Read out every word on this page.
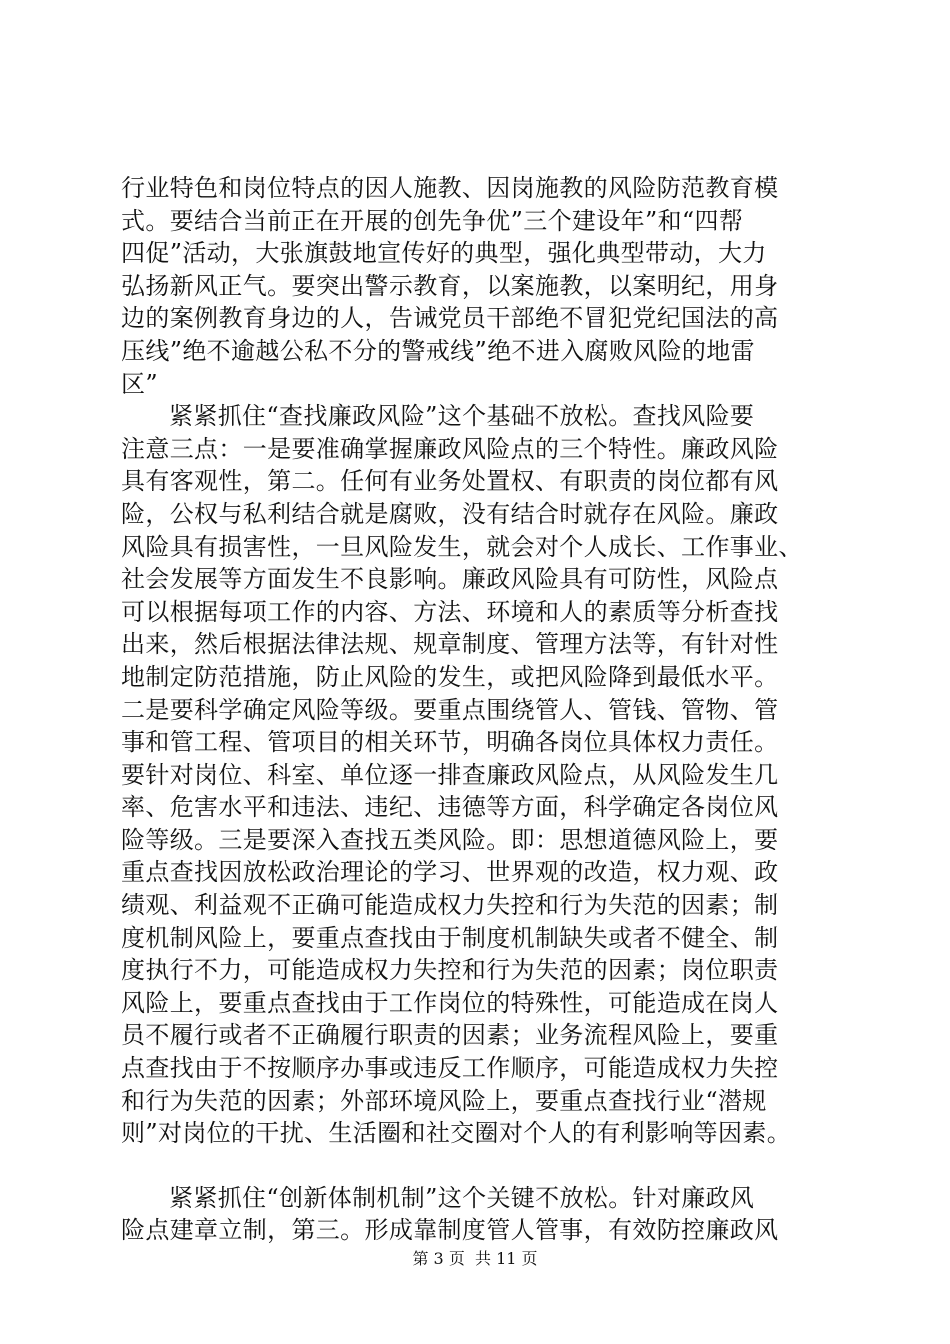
行业特色和岗位特点的因人施教、因岗施教的风险防范教育模
式。要结合当前正在开展的创先争优”三个建设年”和“四帮
四促”活动，大张旗鼓地宣传好的典型，强化典型带动，大力
弘扬新风正气。要突出警示教育，以案施教，以案明纪，用身
边的案例教育身边的人，告诫党员干部绝不冒犯党纪国法的高
压线”绝不逾越公私不分的警戒线”绝不进入腐败风险的地雷
区”
紧紧抓住“查找廉政风险”这个基础不放松。查找风险要
注意三点：一是要准确掌握廉政风险点的三个特性。廉政风险
具有客观性，第二。任何有业务处置权、有职责的岗位都有风
险，公权与私利结合就是腐败，没有结合时就存在风险。廉政
风险具有损害性，一旦风险发生，就会对个人成长、工作事业、
社会发展等方面发生不良影响。廉政风险具有可防性，风险点
可以根据每项工作的内容、方法、环境和人的素质等分析查找
出来，然后根据法律法规、规章制度、管理方法等，有针对性
地制定防范措施，防止风险的发生，或把风险降到最低水平。
二是要科学确定风险等级。要重点围绕管人、管钱、管物、管
事和管工程、管项目的相关环节，明确各岗位具体权力责任。
要针对岗位、科室、单位逐一排查廉政风险点，从风险发生几
率、危害水平和违法、违纪、违德等方面，科学确定各岗位风
险等级。三是要深入查找五类风险。即：思想道德风险上，要
重点查找因放松政治理论的学习、世界观的改造，权力观、政
绩观、利益观不正确可能造成权力失控和行为失范的因素；制
度机制风险上，要重点查找由于制度机制缺失或者不健全、制
度执行不力，可能造成权力失控和行为失范的因素；岗位职责
风险上，要重点查找由于工作岗位的特殊性，可能造成在岗人
员不履行或者不正确履行职责的因素；业务流程风险上，要重
点查找由于不按顺序办事或违反工作顺序，可能造成权力失控
和行为失范的因素；外部环境风险上，要重点查找行业“潜规
则”对岗位的干扰、生活圈和社交圈对个人的有利影响等因素。
紧紧抓住“创新体制机制”这个关键不放松。针对廉政风
险点建章立制，第三。形成靠制度管人管事，有效防控廉政风
第 3 页  共 11 页
